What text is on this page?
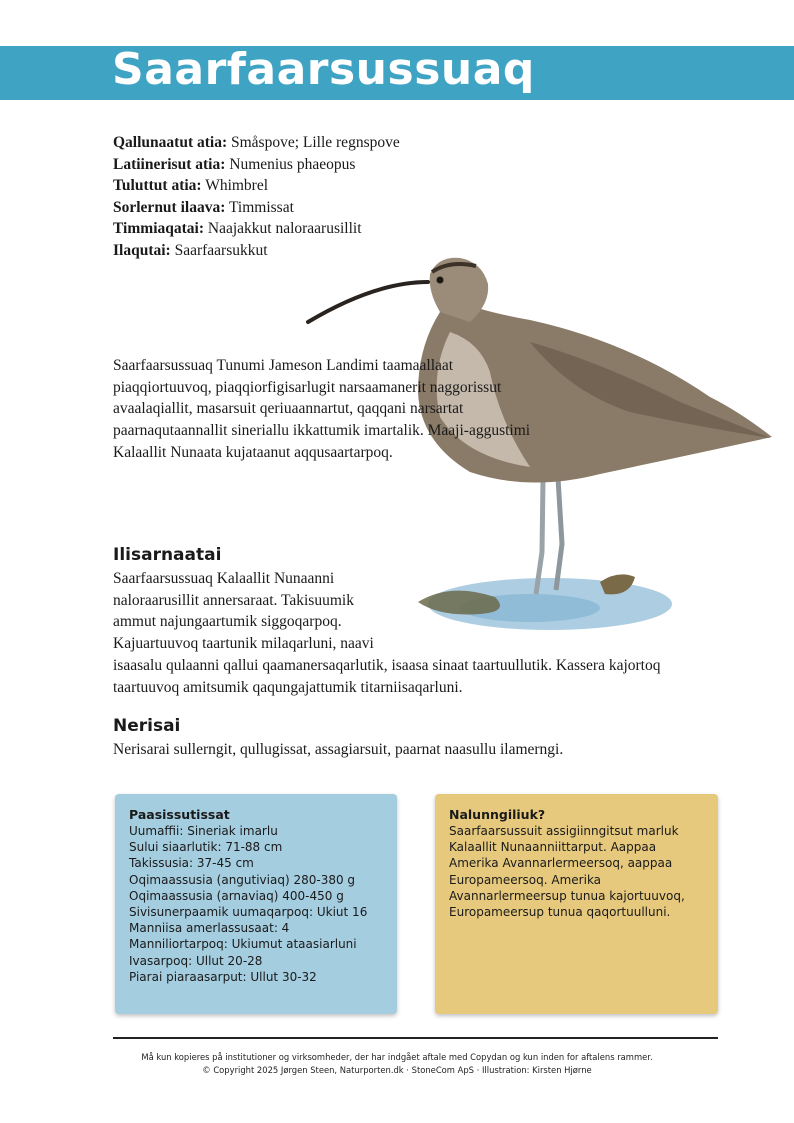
Saarfaarsussuaq
Qallunaatut atia: Småspove; Lille regnspove
Latiinerisut atia: Numenius phaeopus
Tuluttut atia: Whimbrel
Sorlernut ilaava: Timmissat
Timmiaqatai: Naajakkut naloraarusillit
Ilaqutai: Saarfaarsukkut
Saarfaarsussuaq Tunumi Jameson Landimi taamaallaat piaqqiortuuvoq, piaqqiorfigisarlugit narsaamanerit naggorissut avaalaqiallit, masarsuit qeriuaannartut, qaqqani narsartat paarnaqutaannallit sineriallu ikkattumik imartalik. Maaji-aggustimi Kalaallit Nunaata kujataanut aqqusaartarpoq.
Ilisarnaatai
Saarfaarsussuaq Kalaallit Nunaanni
naloraarusillit annersaraat. Takisuumik
ammut najungaartumik siggoqarpoq.
Kajuartuuvoq taartunik milaqarluni, naavi
isaasalu qulaanni qallui qaamanersaqarlutik, isaasa sinaat taartuullutik. Kassera kajortoq taartuuvoq amitsumik qaqungajattumik titarniisaqarluni.
Nerisai
Nerisarai sullerngit, qullugissat, assagiarsuit, paarnat naasullu ilamerngi.
Paasissutissat
Uumaffii: Sineriak imarlu
Sului siaarlutik: 71-88 cm
Takissusia: 37-45 cm
Oqimaassusia (angutiviaq) 280-380 g
Oqimaassusia (arnaviaq) 400-450 g
Sivisunerpaamik uumaqarpoq: Ukiut 16
Manniisa amerlassusaat: 4
Manniliortarpoq: Ukiumut ataasiarluni
Ivasarpoq: Ullut 20-28
Piarai piaraasarput: Ullut 30-32
Nalunngiliuk?

Saarfaarsussuit assigiinngitsut marluk Kalaallit Nunaanniittarput. Aappaa Amerika Avannarlermeersoq, aappaa Europameersoq. Amerika Avannarlermeersup tunua kajortuuvoq, Europameersup tunua qaqortuulluni.

Må kun kopieres på institutioner og virksomheder, der har indgået aftale med Copydan og kun inden for aftalens rammer.
© Copyright 2025 Jørgen Steen, Naturporten.dk · StoneCom ApS · Illustration: Kirsten Hjørne
